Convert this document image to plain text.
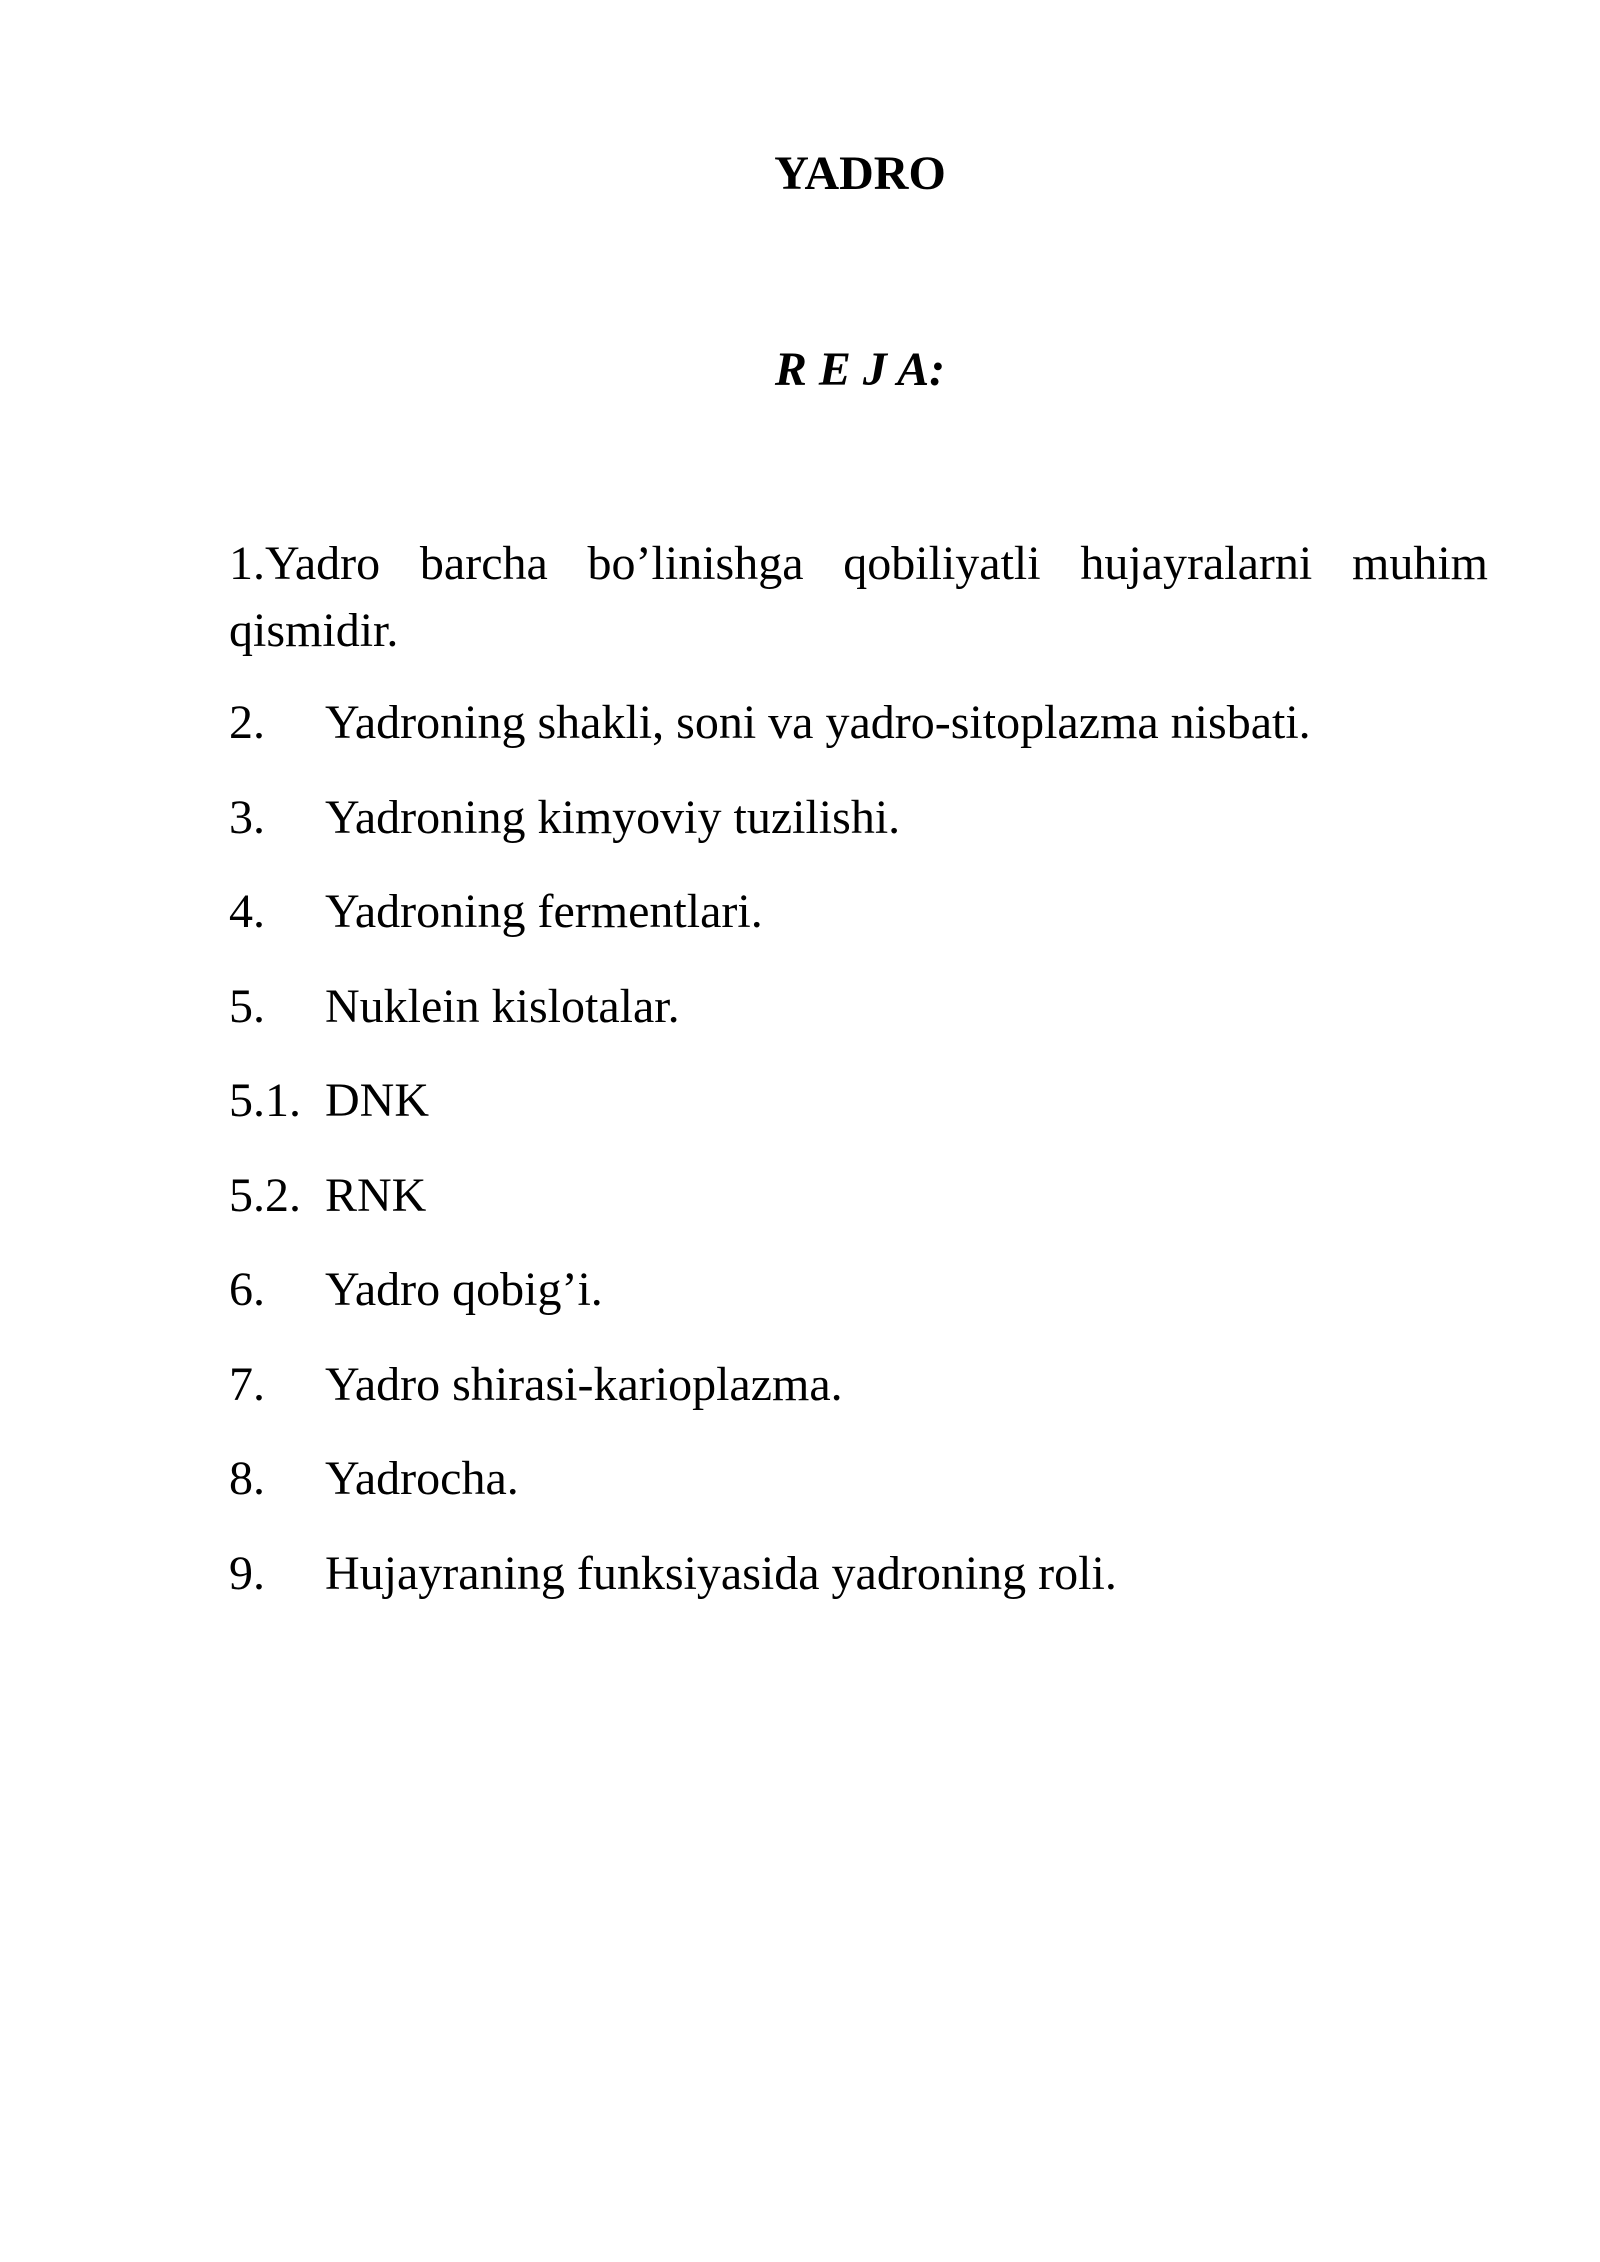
YADRO
R E J A:
1.Yadro barcha bo’linishga qobiliyatli hujayralarni muhim qismidir.
2. Yadroning shakli, soni va yadro-sitoplazma nisbati.
3. Yadroning kimyoviy tuzilishi.
4. Yadroning fermentlari.
5. Nuklein kislotalar.
5.1. DNK
5.2. RNK
6. Yadro qobig’i.
7. Yadro shirasi-karioplazma.
8. Yadrocha.
9. Hujayraning funksiyasida yadroning roli.
